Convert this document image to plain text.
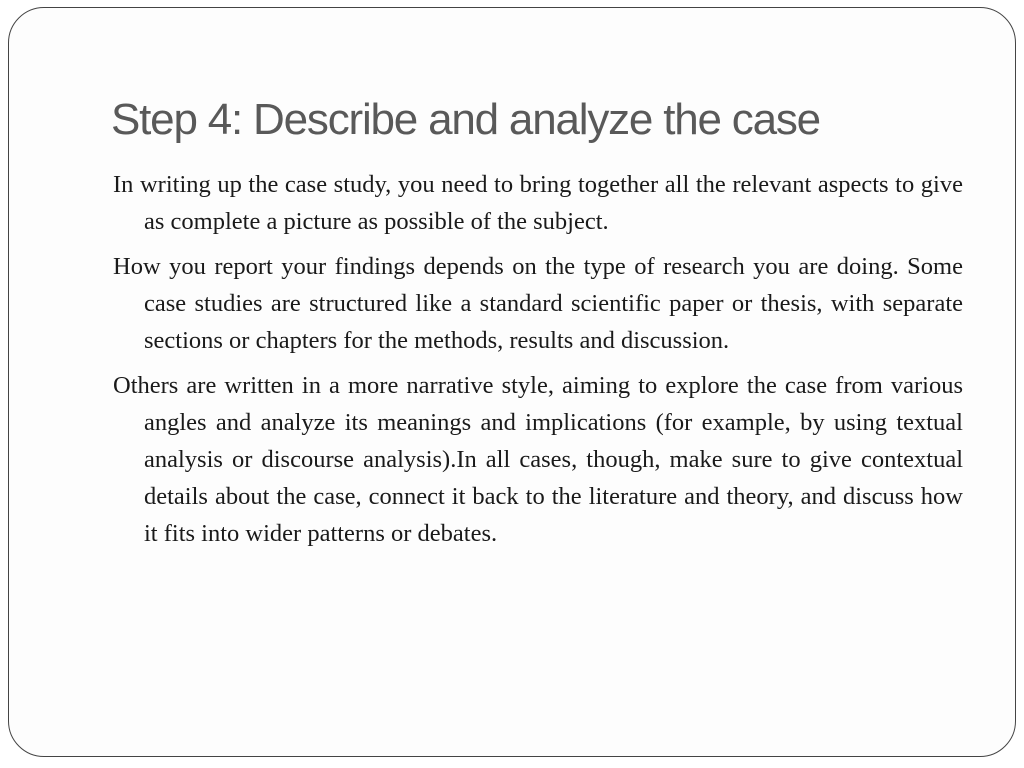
Step 4: Describe and analyze the case
In writing up the case study, you need to bring together all the relevant aspects to give as complete a picture as possible of the subject.
How you report your findings depends on the type of research you are doing. Some case studies are structured like a standard scientific paper or thesis, with separate sections or chapters for the methods, results and discussion.
Others are written in a more narrative style, aiming to explore the case from various angles and analyze its meanings and implications (for example, by using textual analysis or discourse analysis).In all cases, though, make sure to give contextual details about the case, connect it back to the literature and theory, and discuss how it fits into wider patterns or debates.
